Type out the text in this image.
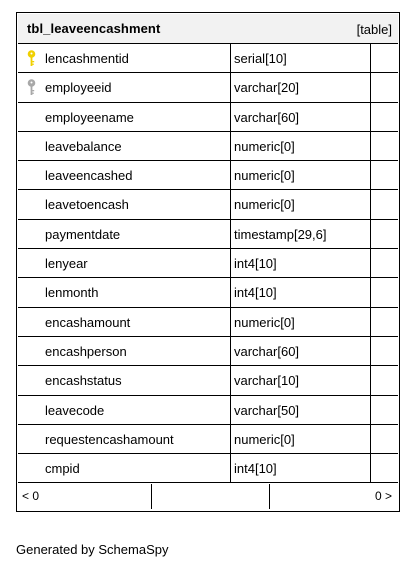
tbl_leaveencashment	[table]
lencashmentid	serial[10]
employeeid	varchar[20]
employeename	varchar[60]
leavebalance	numeric[0]
leaveencashed	numeric[0]
leavetoencash	numeric[0]
paymentdate	timestamp[29,6]
lenyear	int4[10]
lenmonth	int4[10]
encashamount	numeric[0]
encashperson	varchar[60]
encashstatus	varchar[10]
leavecode	varchar[50]
requestencashamount	numeric[0]
cmpid	int4[10]
< 0	0 >
Generated by SchemaSpy
